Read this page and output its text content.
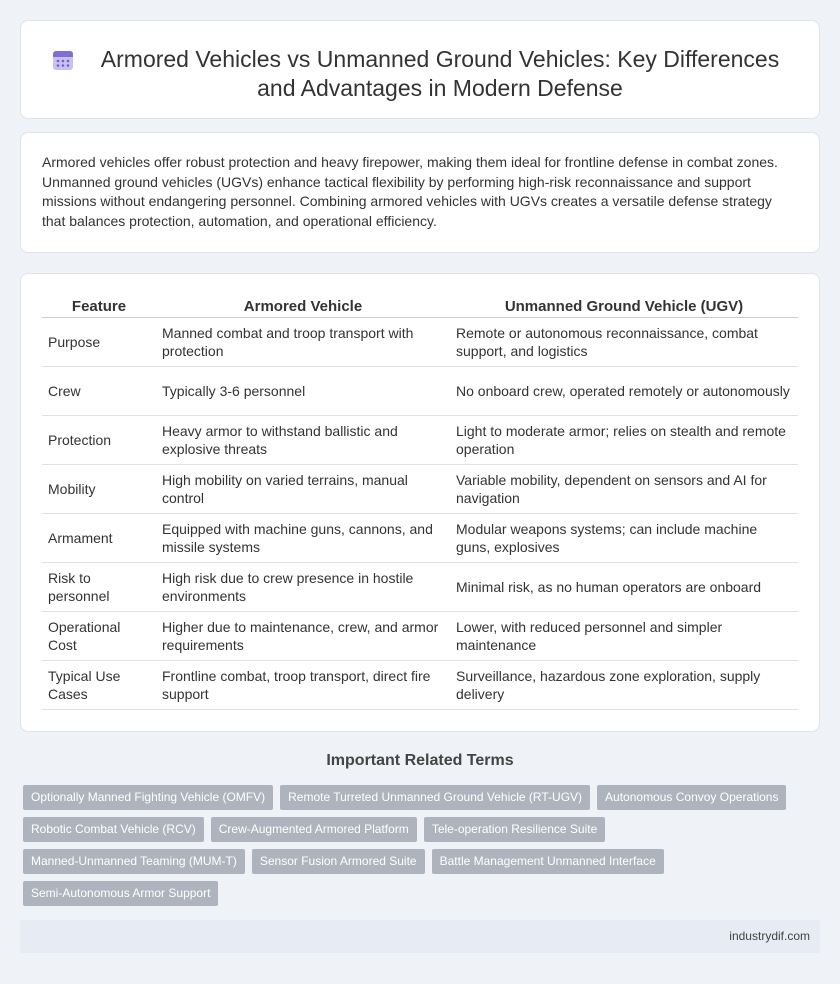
Armored Vehicles vs Unmanned Ground Vehicles: Key Differences and Advantages in Modern Defense

Armored vehicles offer robust protection and heavy firepower, making them ideal for frontline defense in combat zones. Unmanned ground vehicles (UGVs) enhance tactical flexibility by performing high-risk reconnaissance and support missions without endangering personnel. Combining armored vehicles with UGVs creates a versatile defense strategy that balances protection, automation, and operational efficiency.

Feature	Armored Vehicle	Unmanned Ground Vehicle (UGV)
Purpose	Manned combat and troop transport with protection	Remote or autonomous reconnaissance, combat support, and logistics
Crew	Typically 3-6 personnel	No onboard crew, operated remotely or autonomously
Protection	Heavy armor to withstand ballistic and explosive threats	Light to moderate armor; relies on stealth and remote operation
Mobility	High mobility on varied terrains, manual control	Variable mobility, dependent on sensors and AI for navigation
Armament	Equipped with machine guns, cannons, and missile systems	Modular weapons systems; can include machine guns, explosives
Risk to personnel	High risk due to crew presence in hostile environments	Minimal risk, as no human operators are onboard
Operational Cost	Higher due to maintenance, crew, and armor requirements	Lower, with reduced personnel and simpler maintenance
Typical Use Cases	Frontline combat, troop transport, direct fire support	Surveillance, hazardous zone exploration, supply delivery
Important Related Terms
Optionally Manned Fighting Vehicle (OMFV)	Remote Turreted Unmanned Ground Vehicle (RT-UGV)	Autonomous Convoy Operations
Robotic Combat Vehicle (RCV)	Crew-Augmented Armored Platform	Tele-operation Resilience Suite
Manned-Unmanned Teaming (MUM-T)	Sensor Fusion Armored Suite	Battle Management Unmanned Interface
Semi-Autonomous Armor Support
industrydif.com
